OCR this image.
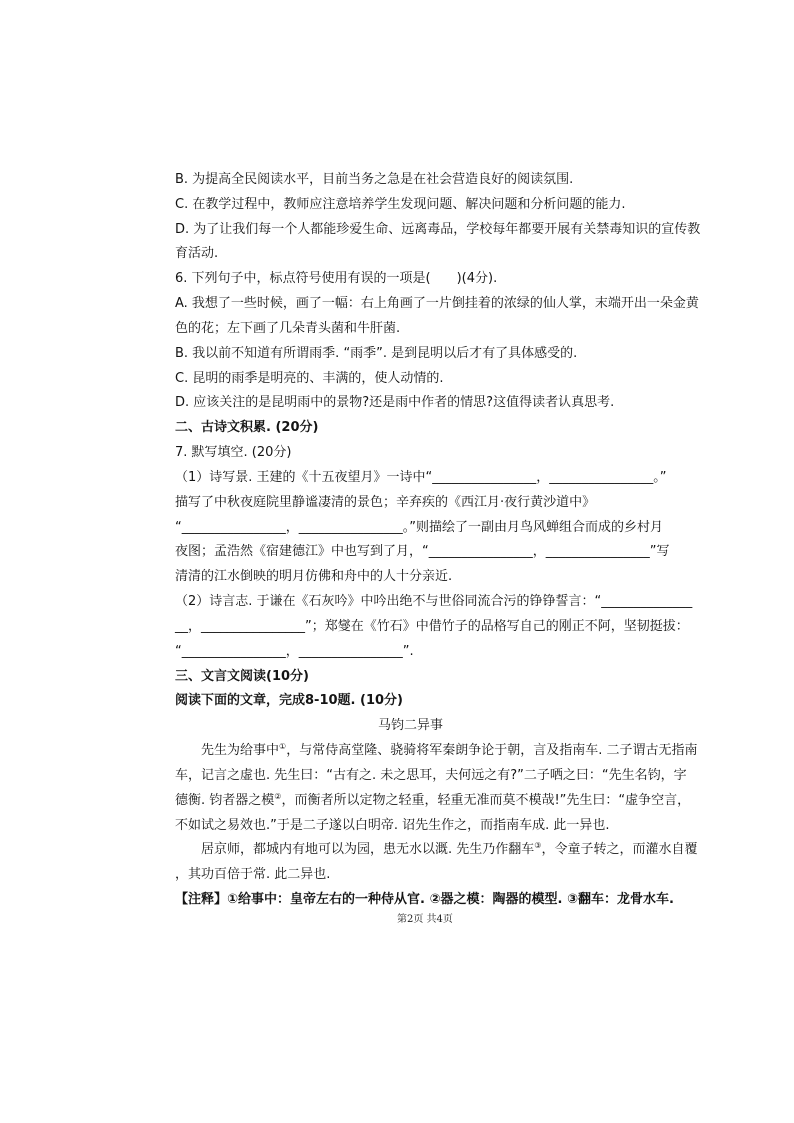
B. 为提高全民阅读水平，目前当务之急是在社会营造良好的阅读氛围.
C. 在教学过程中，教师应注意培养学生发现问题、解决问题和分析问题的能力.
D. 为了让我们每一个人都能珍爱生命、远离毒品，学校每年都要开展有关禁毒知识的宣传教
育活动.
6. 下列句子中，标点符号使用有误的一项是(　　)(4分).
A. 我想了一些时候，画了一幅：右上角画了一片倒挂着的浓绿的仙人掌，末端开出一朵金黄
色的花；左下画了几朵青头菌和牛肝菌.
B. 我以前不知道有所谓雨季. “雨季”. 是到昆明以后才有了具体感受的.
C. 昆明的雨季是明亮的、丰满的，使人动情的.
D. 应该关注的是昆明雨中的景物?还是雨中作者的情思?这值得读者认真思考.
二、古诗文积累. (20分)
7. 默写填空. (20分)
（1）诗写景. 王建的《十五夜望月》一诗中“________________，________________。”
描写了中秋夜庭院里静谧凄清的景色；辛弃疾的《西江月·夜行黄沙道中》
“________________，________________。”则描绘了一副由月鸟风蝉组合而成的乡村月
夜图；孟浩然《宿建德江》中也写到了月，“________________，________________”写
清清的江水倒映的明月仿佛和舟中的人十分亲近.
（2）诗言志. 于谦在《石灰吟》中吟出绝不与世俗同流合污的铮铮誓言：“______________
__，________________”；郑燮在《竹石》中借竹子的品格写自己的刚正不阿，坚韧挺拔：
“________________，________________”.
三、文言文阅读(10分)
阅读下面的文章，完成8-10题. (10分)
马钧二异事
先生为给事中①，与常侍高堂隆、骁骑将军秦朗争论于朝，言及指南车. 二子谓古无指南
车，记言之虚也. 先生曰：“古有之. 未之思耳，夫何远之有?”二子哂之曰：“先生名钧，字
德衡. 钧者器之模②，而衡者所以定物之轻重，轻重无准而莫不模哉!”先生曰：“虚争空言，
不如试之易效也.”于是二子遂以白明帝. 诏先生作之，而指南车成. 此一异也.
居京师，都城内有地可以为园，患无水以溉. 先生乃作翻车③，令童子转之，而灌水自覆
，其功百倍于常. 此二异也.
【注释】①给事中：皇帝左右的一种侍从官. ②器之模：陶器的模型. ③翻车：龙骨水车.
第2页 共4页
